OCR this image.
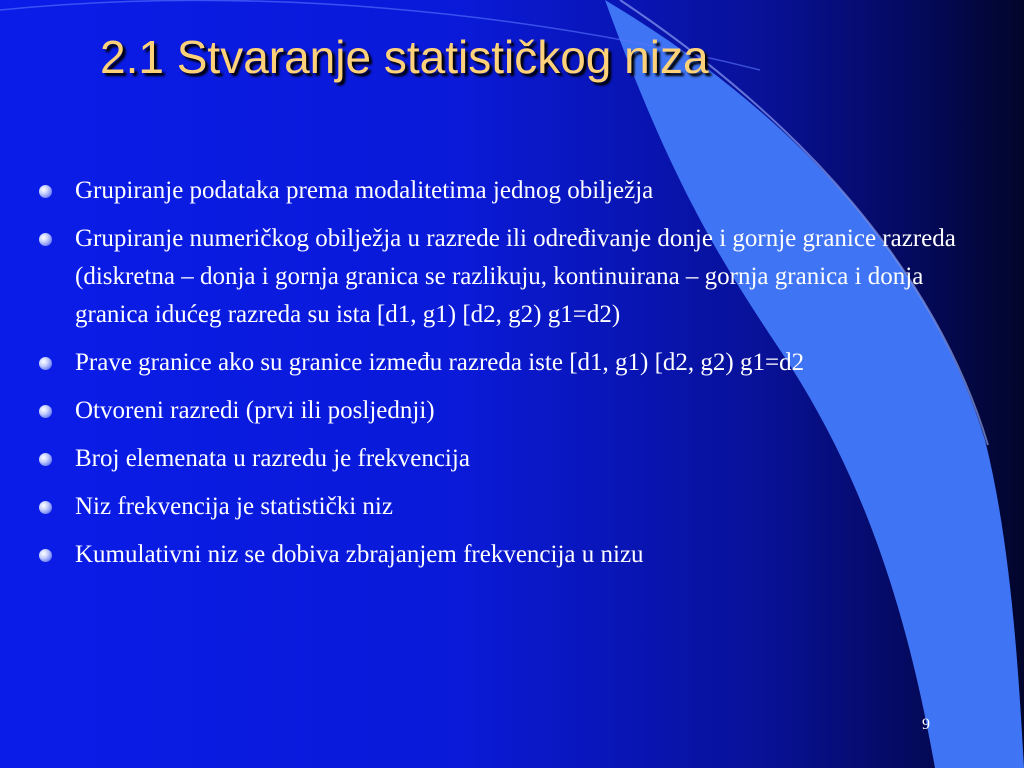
2.1 Stvaranje statističkog niza
Grupiranje podataka prema modalitetima jednog obilježja
Grupiranje numeričkog obilježja u razrede ili određivanje donje i gornje granice razreda (diskretna – donja i gornja granica se razlikuju, kontinuirana – gornja granica i donja granica idućeg razreda su ista [d1, g1) [d2, g2) g1=d2)
Prave granice ako su granice između razreda iste [d1, g1) [d2, g2) g1=d2
Otvoreni razredi (prvi ili posljednji)
Broj elemenata u razredu je frekvencija
Niz frekvencija je statistički niz
Kumulativni niz se dobiva zbrajanjem frekvencija u nizu
9
